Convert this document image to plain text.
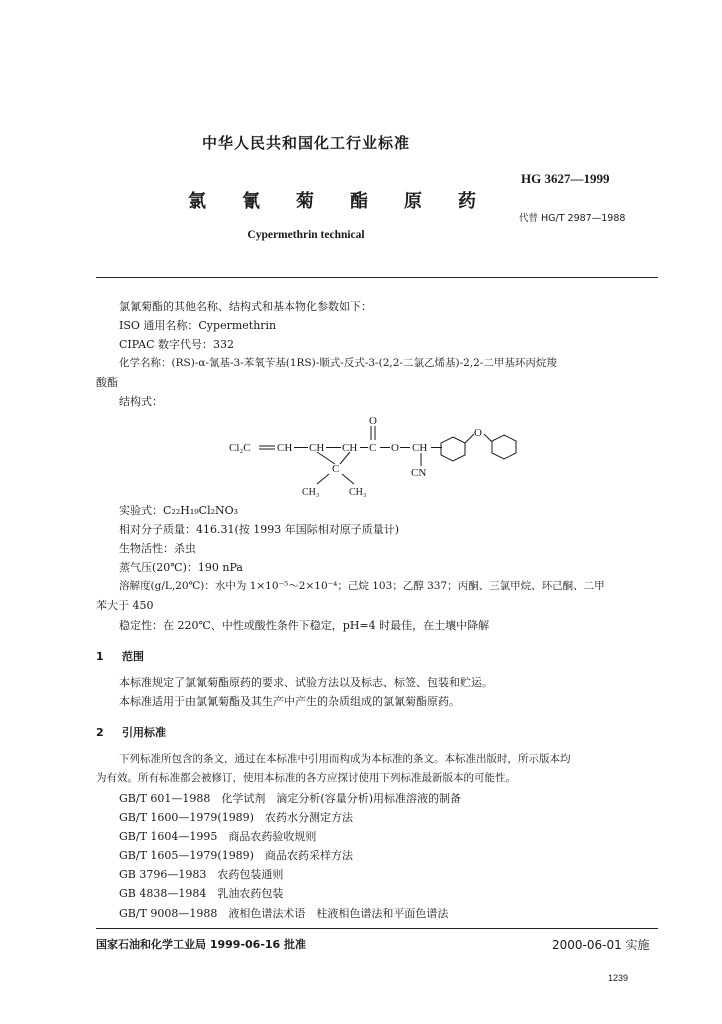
中华人民共和国化工行业标准
HG 3627—1999
氯氰菊酯原药
代替 HG/T 2987—1988
Cypermethrin technical
氯氰菊酯的其他名称、结构式和基本物化参数如下：
ISO 通用名称：Cypermethrin
CIPAC 数字代号：332
化学名称：(RS)-α-氰基-3-苯氧苄基(1RS)-顺式-反式-3-(2,2-二氯乙烯基)-2,2-二甲基环丙烷羧
酸酯
结构式：
Cl₂C CH CH CH C
O
O CH
C
CH₃	CH₃
CN
O
实验式：C₂₂H₁₉Cl₂NO₃
相对分子质量：416.31(按 1993 年国际相对原子质量计)
生物活性：杀虫
蒸气压(20℃)：190 nPa
溶解度(g/L,20℃)：水中为 1×10⁻⁵～2×10⁻⁴；己烷 103；乙醇 337；丙酮、三氯甲烷、环己酮、二甲
苯大于 450
稳定性：在 220℃、中性或酸性条件下稳定，pH=4 时最佳，在土壤中降解
1 范围
本标准规定了氯氰菊酯原药的要求、试验方法以及标志、标签、包装和贮运。
本标准适用于由氯氰菊酯及其生产中产生的杂质组成的氯氰菊酯原药。
2 引用标准
下列标准所包含的条文，通过在本标准中引用而构成为本标准的条文。本标准出版时，所示版本均
为有效。所有标准都会被修订，使用本标准的各方应探讨使用下列标准最新版本的可能性。
GB/T 601—1988　化学试剂　滴定分析(容量分析)用标准溶液的制备
GB/T 1600—1979(1989)　农药水分测定方法
GB/T 1604—1995　商品农药验收规则
GB/T 1605—1979(1989)　商品农药采样方法
GB 3796—1983　农药包装通则
GB 4838—1984　乳油农药包装
GB/T 9008—1988　液相色谱法术语　柱液相色谱法和平面色谱法
国家石油和化学工业局 1999-06-16 批准	2000-06-01 实施
1239
